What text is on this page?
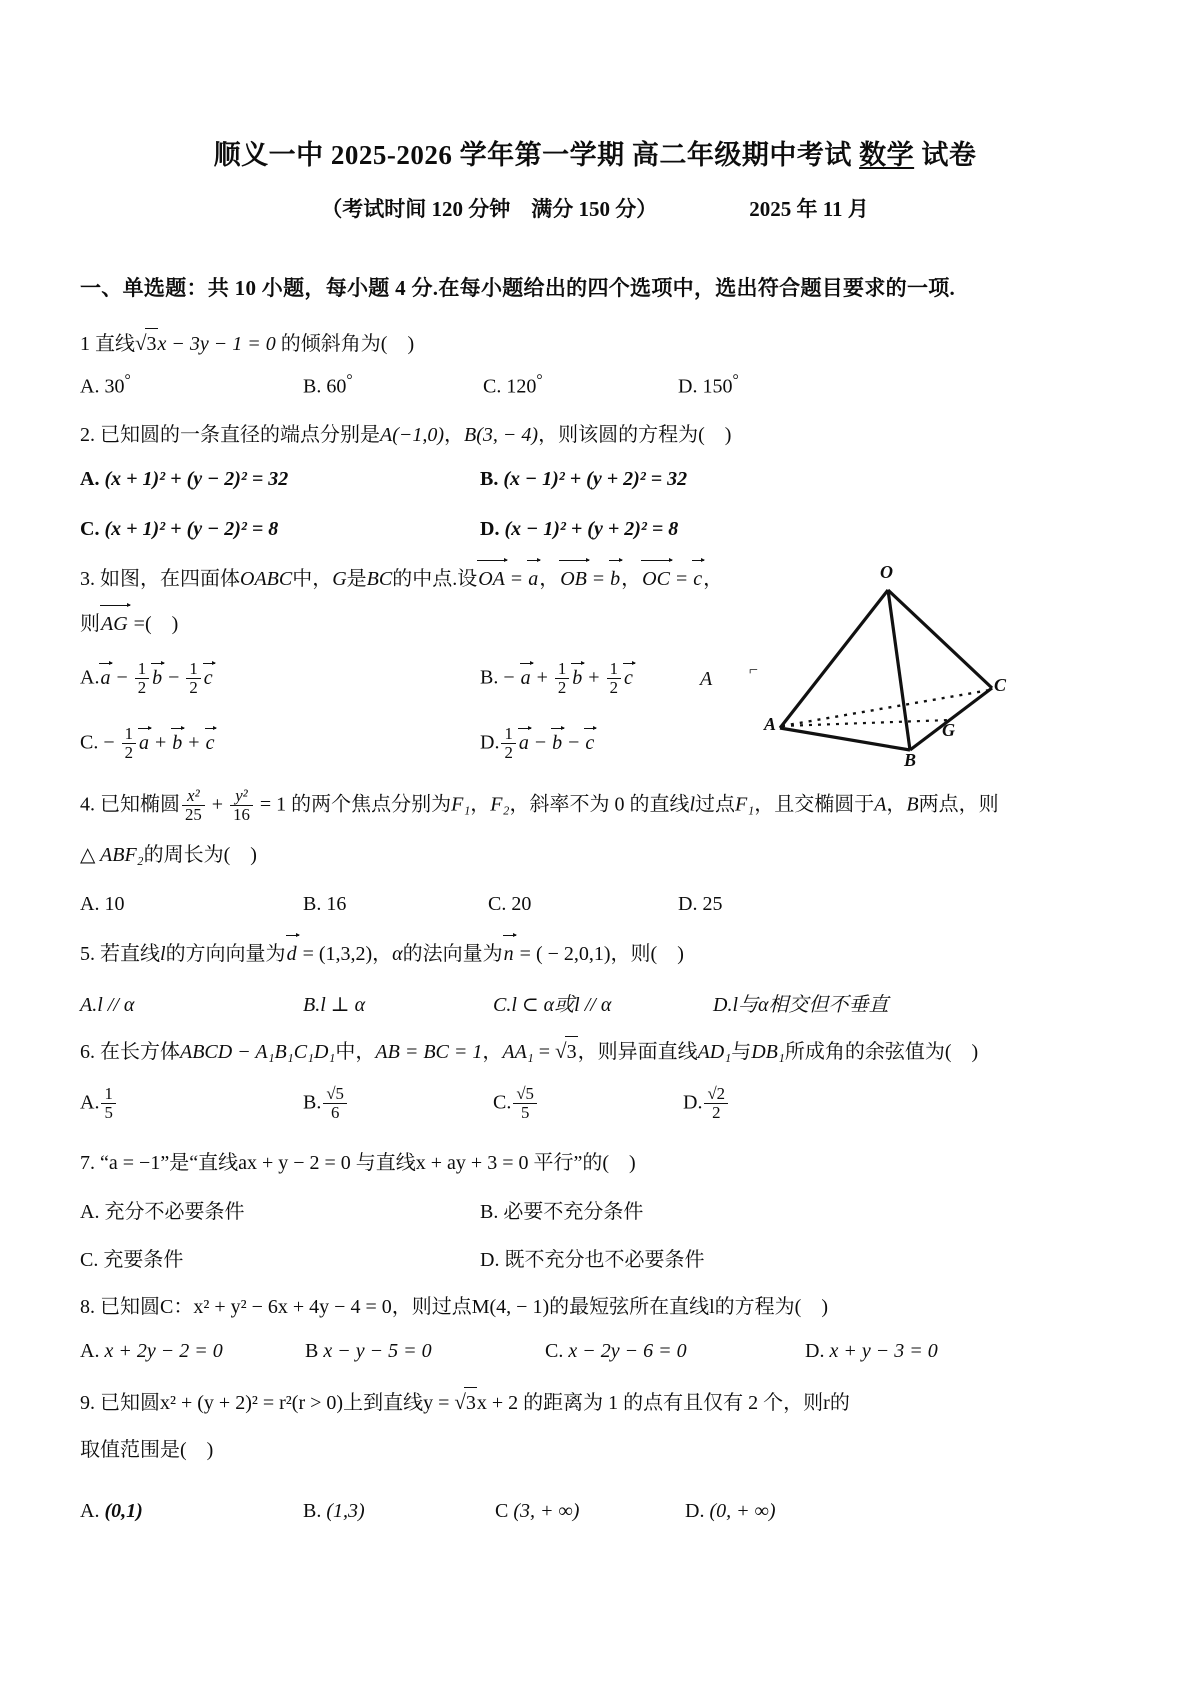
顺义一中 2025-2026 学年第一学期 高二年级期中考试 数学 试卷
（考试时间 120 分钟　满分 150 分）	2025 年 11 月
一、单选题：共 10 小题，每小题 4 分.在每小题给出的四个选项中，选出符合题目要求的一项.
1 直线√3x − 3y − 1 = 0 的倾斜角为(　)
A. 30°	B. 60°	C. 120°	D. 150°
2. 已知圆的一条直径的端点分别是A(−1,0)，B(3, − 4)，则该圆的方程为(　)
A. (x + 1)² + (y − 2)² = 32	B. (x − 1)² + (y + 2)² = 32
C. (x + 1)² + (y − 2)² = 8	D. (x − 1)² + (y + 2)² = 8
3. 如图，在四面体OABC中，G是BC的中点.设OA = a，OB = b，OC = c，
则AG =(　)
$A.a - \frac{1}{2}$ $b - \frac{1}{2}$ c	B. − $a + \frac{1}{2}$ $b + \frac{1}{2}$ c
C. − $\frac{1}{2}$ a + b + c	D. $\frac{1}{2}$ a − b − c
A ⌐
O
C
B
A	G
4. 已知椭圆 $\frac{\text{x²}}{25} + \frac{\text{y²}}{16} = 1$ 的两个焦点分别为F₁，F₂，斜率不为 0 的直线l过点F₁，且交椭圆于A，B两点，则
△ ABF₂的周长为(　)
A. 10	B. 16	C. 20	D. 25
5. 若直线l的方向向量为d = (1,3,2)，α的法向量为n = ( − 2,0,1)，则(　)
A.l // α	B.l ⊥ α	C.l ⊂ α或l // α	D.l与α相交但不垂直
6. 在长方体ABCD − A₁B₁C₁D₁中，AB = BC = 1，AA₁ = √3，则异面直线AD₁与DB₁所成角的余弦值为(　)
A. $\frac{1}{5}$	B. $\frac{√5}{6}$	C. $\frac{√5}{5}$	D. $\frac{√2}{2}$
7. “a = −1”是“直线ax + y − 2 = 0 与直线x + ay + 3 = 0 平行”的(　)
A. 充分不必要条件	B. 必要不充分条件
C. 充要条件	D. 既不充分也不必要条件
8. 已知圆C：x² + y² − 6x + 4y − 4 = 0，则过点M(4, − 1)的最短弦所在直线l的方程为(　)
A. x + 2y − 2 = 0	B x − y − 5 = 0	C. x − 2y − 6 = 0	D. x + y − 3 = 0
9. 已知圆x² + (y + 2)² = r²(r > 0)上到直线y = √3x + 2 的距离为 1 的点有且仅有 2 个，则r的
取值范围是(　)
A. (0,1)	B. (1,3)	C (3, + ∞)	D. (0, + ∞)
